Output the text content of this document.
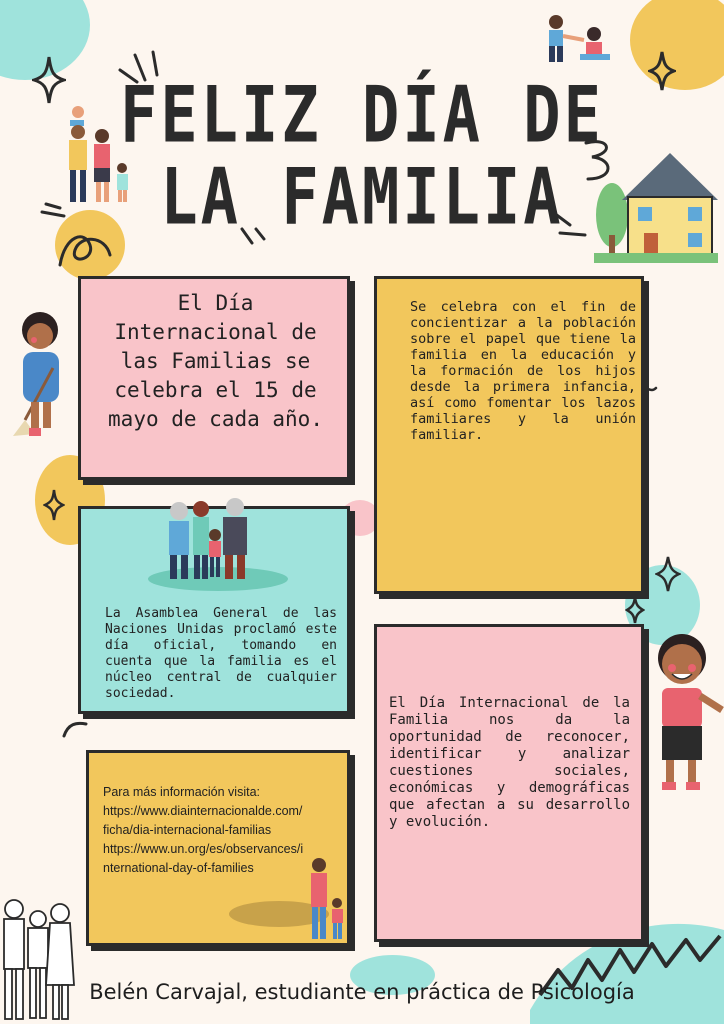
FELIZ DÍA DE
LA FAMILIA
El Día Internacional de las Familias se celebra el 15 de mayo de cada año.
Se celebra con el fin de concientizar a la población sobre el papel que tiene la familia en la educación y la formación de los hijos desde la primera infancia, así como fomentar los lazos familiares y la unión familiar.
La Asamblea General de las Naciones Unidas proclamó este día oficial, tomando en cuenta que la familia es el núcleo central de cualquier sociedad.
El Día Internacional de la Familia nos da la oportunidad de reconocer, identificar y analizar cuestiones sociales, económicas y demográficas que afectan a su desarrollo y evolución.
Para más información visita:
https://www.diainternacionalde.com/
ficha/dia-internacional-familias
https://www.un.org/es/observances/i
nternational-day-of-families
Belén Carvajal, estudiante en práctica de Psicología
